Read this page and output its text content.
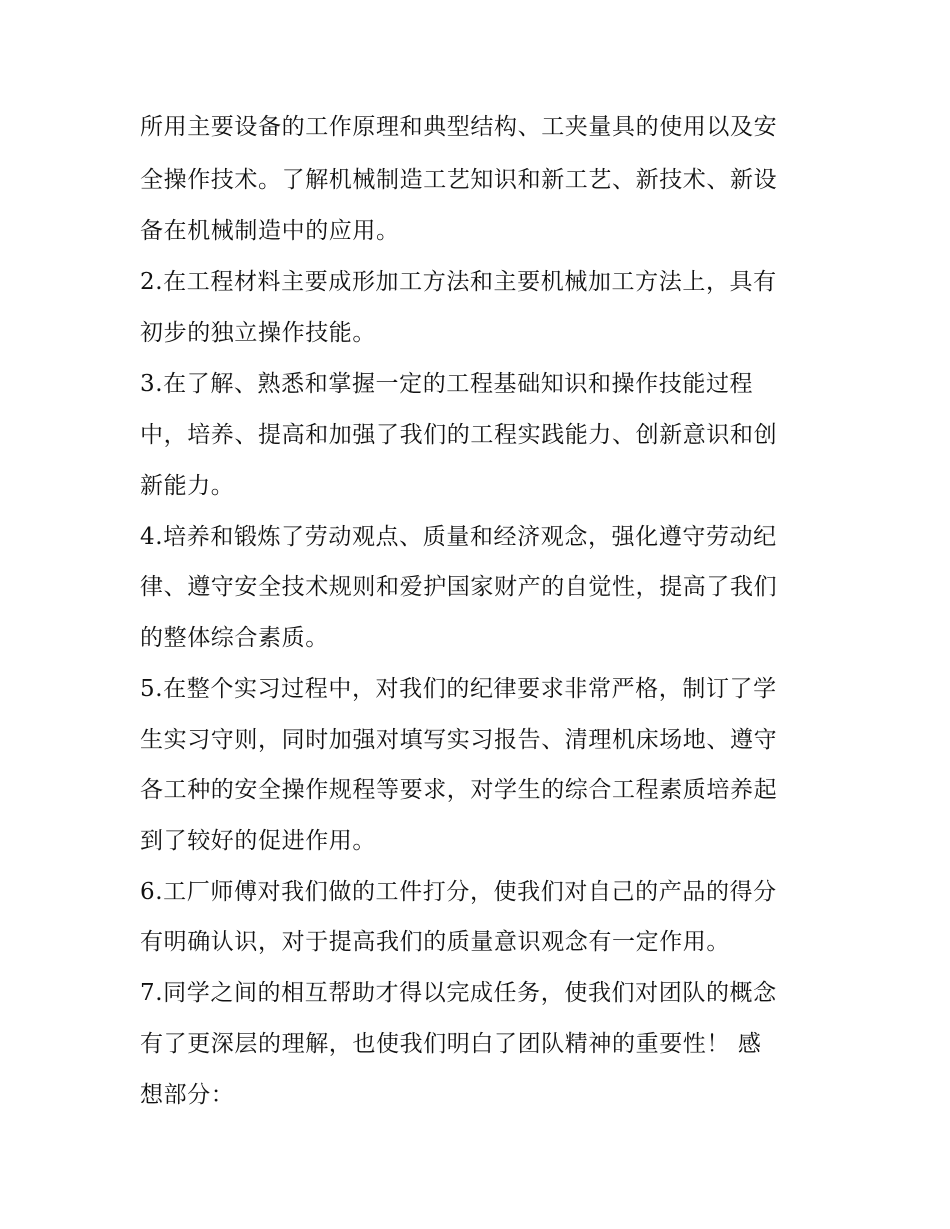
所用主要设备的工作原理和典型结构、工夹量具的使用以及安
全操作技术。了解机械制造工艺知识和新工艺、新技术、新设
备在机械制造中的应用。
2.在工程材料主要成形加工方法和主要机械加工方法上，具有
初步的独立操作技能。
3.在了解、熟悉和掌握一定的工程基础知识和操作技能过程
中，培养、提高和加强了我们的工程实践能力、创新意识和创
新能力。
4.培养和锻炼了劳动观点、质量和经济观念，强化遵守劳动纪
律、遵守安全技术规则和爱护国家财产的自觉性，提高了我们
的整体综合素质。
5.在整个实习过程中，对我们的纪律要求非常严格，制订了学
生实习守则，同时加强对填写实习报告、清理机床场地、遵守
各工种的安全操作规程等要求，对学生的综合工程素质培养起
到了较好的促进作用。
6.工厂师傅对我们做的工件打分，使我们对自己的产品的得分
有明确认识，对于提高我们的质量意识观念有一定作用。
7.同学之间的相互帮助才得以完成任务，使我们对团队的概念
有了更深层的理解，也使我们明白了团队精神的重要性！ 感
想部分：
